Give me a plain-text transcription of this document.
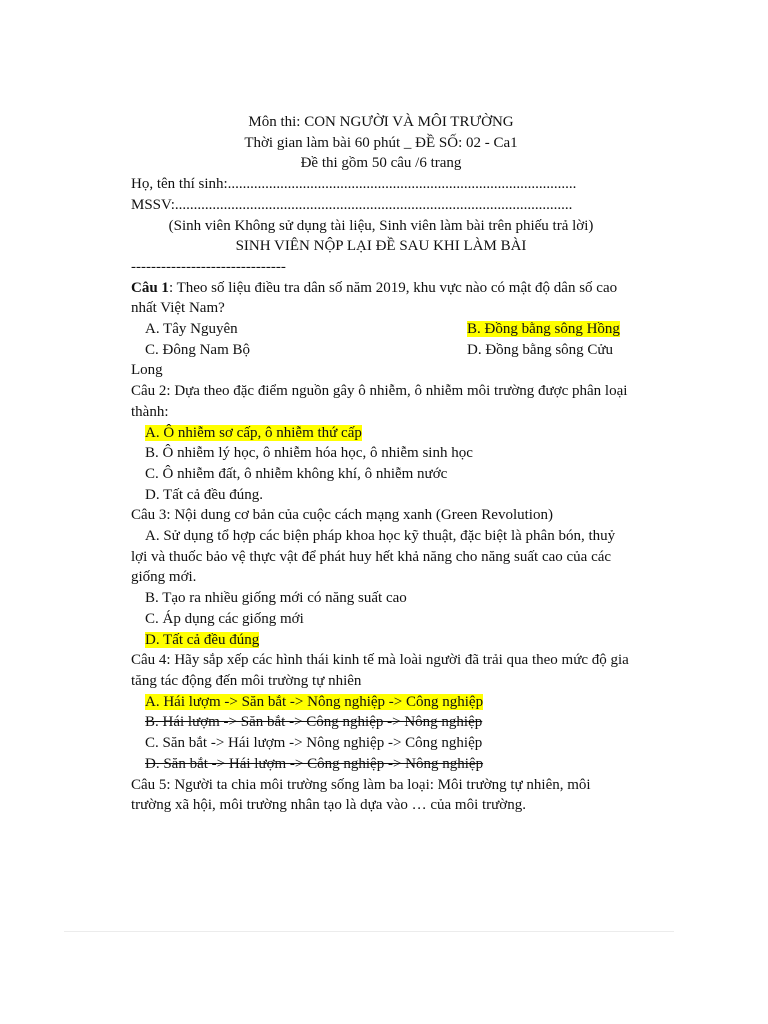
Môn thi: CON NGƯỜI VÀ MÔI TRƯỜNG
Thời gian làm bài 60 phút _ ĐỀ SỐ: 02 - Ca1
Đề thi gồm 50 câu /6 trang
Họ, tên thí sinh:.............................................................................................
MSSV:..........................................................................................................
(Sinh viên Không sử dụng tài liệu, Sinh viên làm bài trên phiếu trả lời)
SINH VIÊN NỘP LẠI ĐỀ SAU KHI LÀM BÀI
-------------------------------
Câu 1: Theo số liệu điều tra dân số năm 2019, khu vực nào có mật độ dân số cao nhất Việt Nam?
A. Tây Nguyên	B. Đồng bằng sông Hồng
C. Đông Nam Bộ	D. Đồng bằng sông Cửu
Long
Câu 2: Dựa theo đặc điểm nguồn gây ô nhiễm, ô nhiễm môi trường được phân loại thành:
A. Ô nhiễm sơ cấp, ô nhiễm thứ cấp
B. Ô nhiễm lý học, ô nhiễm hóa học, ô nhiễm sinh học
C. Ô nhiễm đất, ô nhiễm không khí, ô nhiễm nước
D. Tất cả đều đúng.
Câu 3: Nội dung cơ bản của cuộc cách mạng xanh (Green Revolution)
A. Sử dụng tổ hợp các biện pháp khoa học kỹ thuật, đặc biệt là phân bón, thuỷ lợi và thuốc bảo vệ thực vật để phát huy hết khả năng cho năng suất cao của các giống mới.
B. Tạo ra nhiều giống mới có năng suất cao
C. Áp dụng các giống mới
D. Tất cả đều đúng
Câu 4: Hãy sắp xếp các hình thái kinh tế mà loài người đã trải qua theo mức độ gia tăng tác động đến môi trường tự nhiên
A. Hái lượm -> Săn bắt -> Nông nghiệp -> Công nghiệp
B. Hái lượm -> Săn bắt -> Công nghiệp -> Nông nghiệp
C. Săn bắt -> Hái lượm -> Nông nghiệp -> Công nghiệp
D. Săn bắt -> Hái lượm -> Công nghiệp -> Nông nghiệp
Câu 5: Người ta chia môi trường sống làm ba loại: Môi trường tự nhiên, môi trường xã hội, môi trường nhân tạo là dựa vào … của môi trường.
